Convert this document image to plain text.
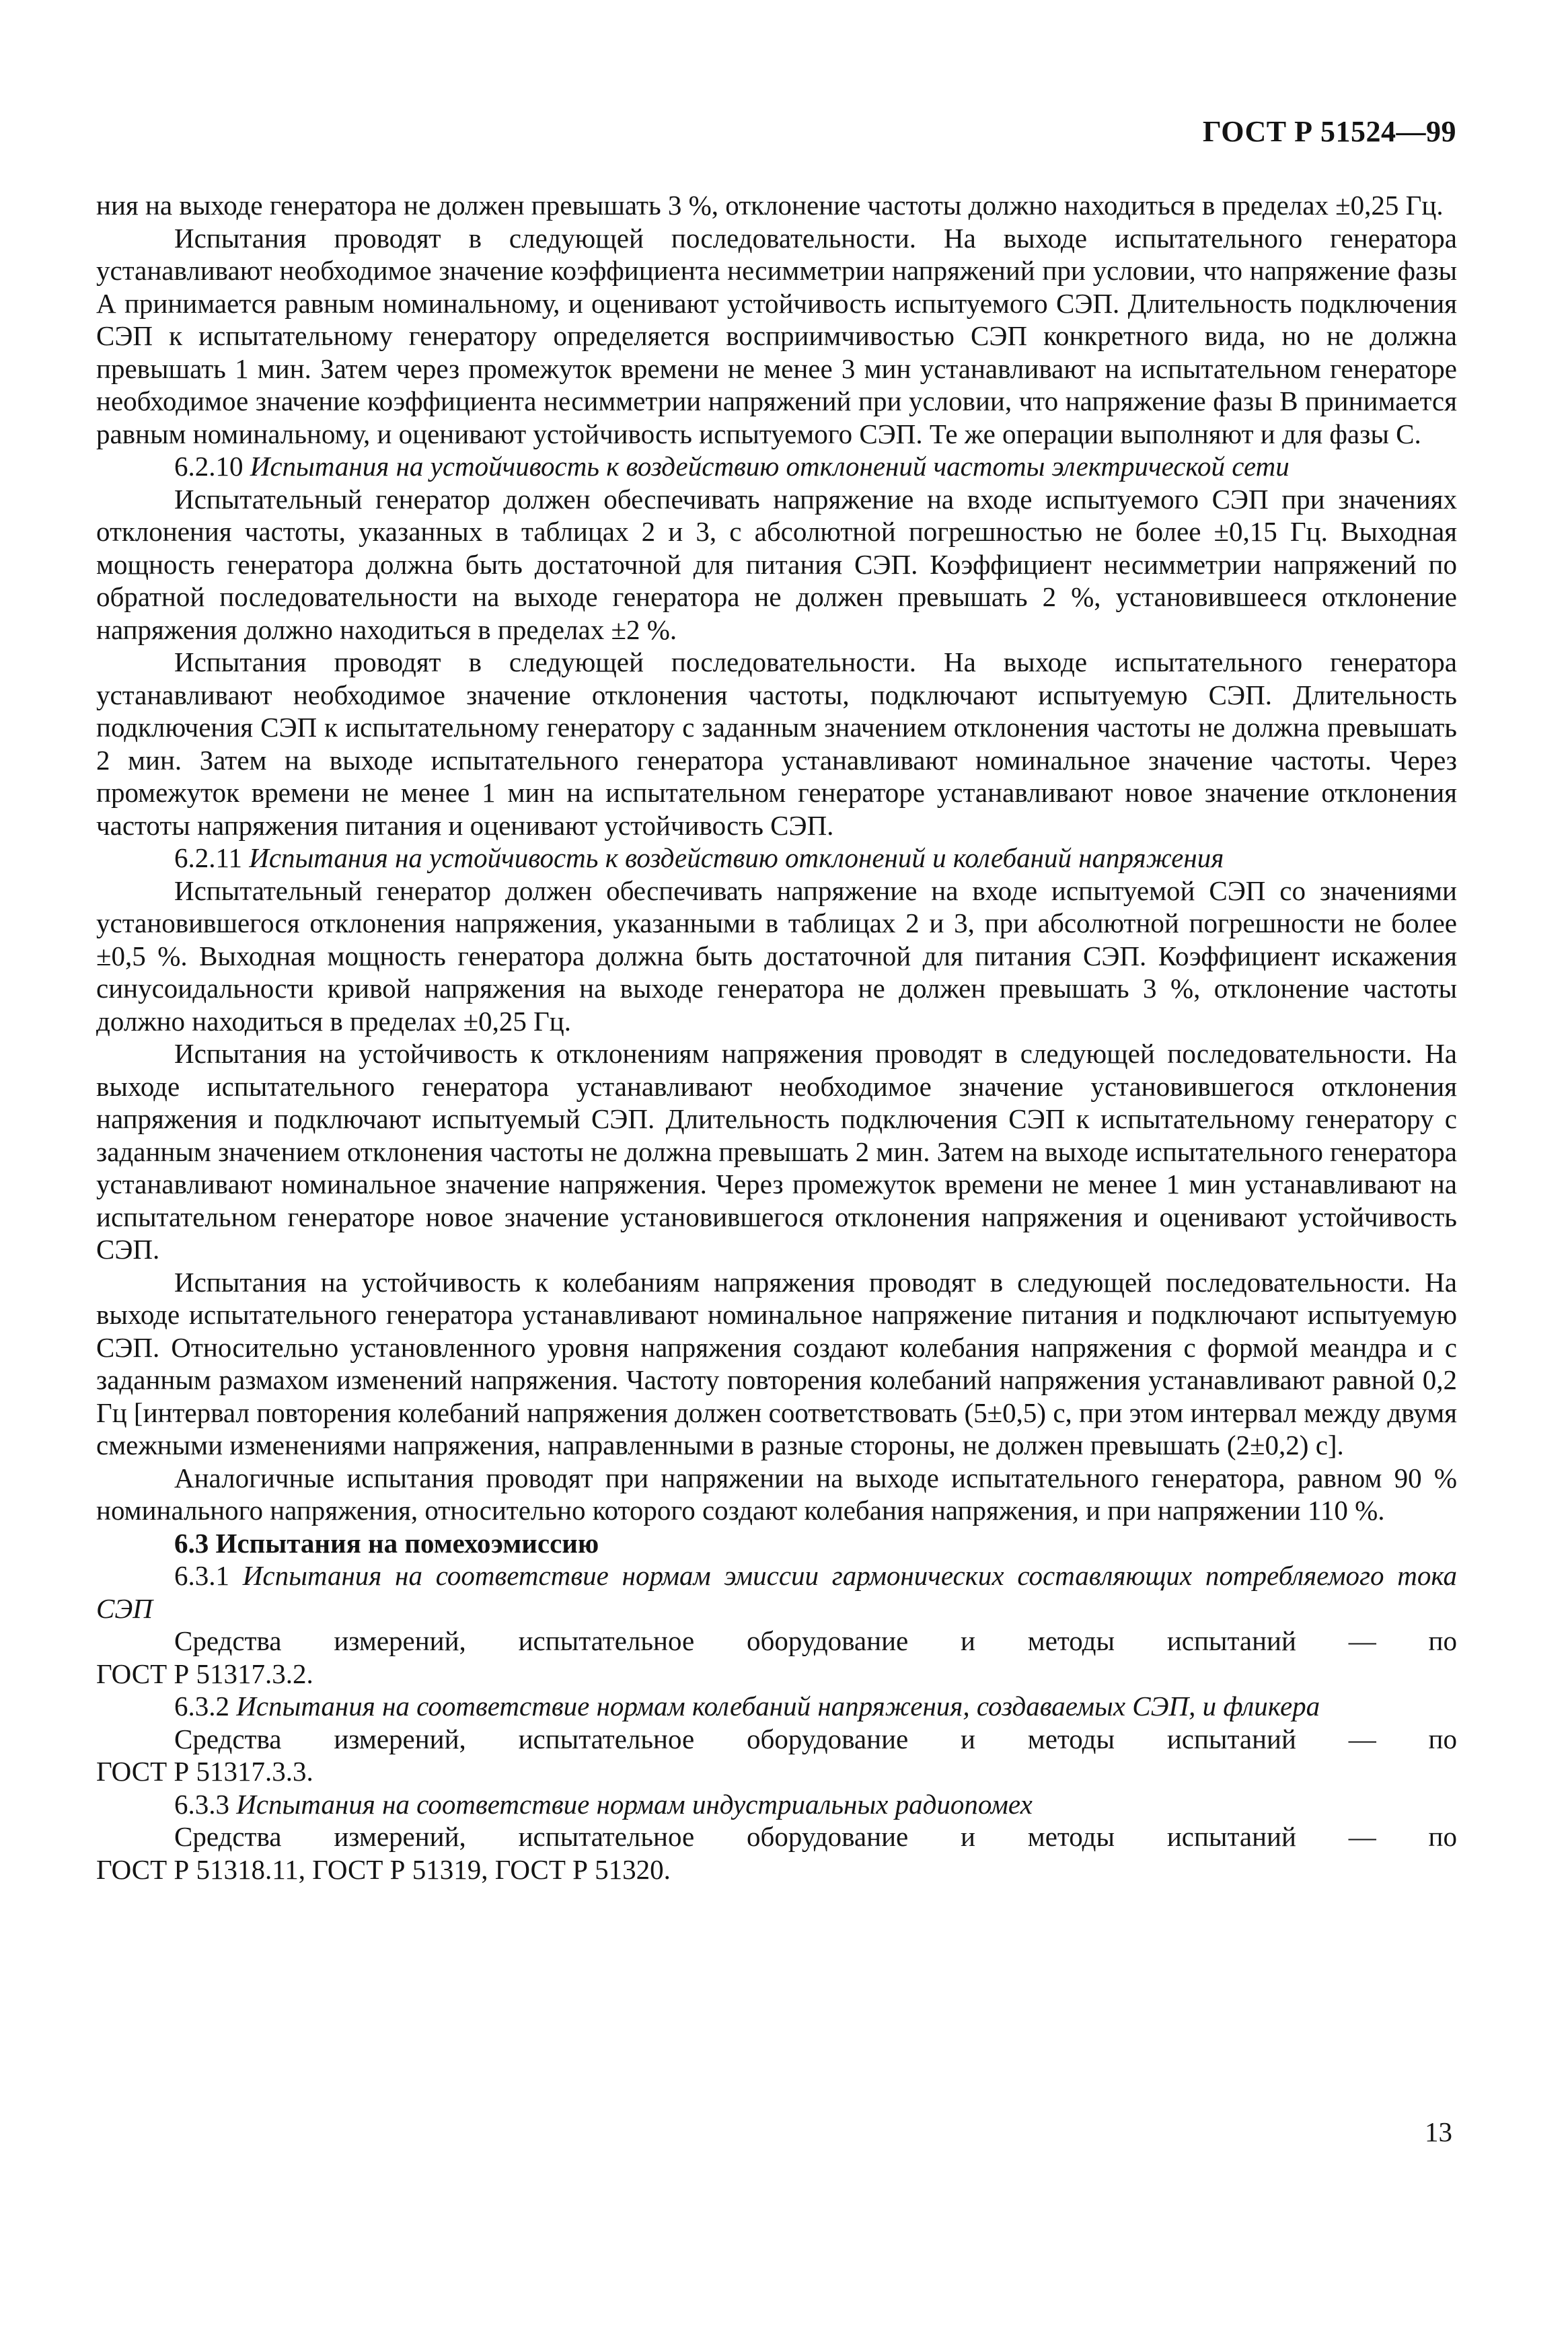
ГОСТ Р 51524—99

ния на выходе генератора не должен превышать 3 %, отклонение частоты должно находиться в пределах ±0,25 Гц.

Испытания проводят в следующей последовательности. На выходе испытательного генератора устанавливают необходимое значение коэффициента несимметрии напряжений при условии, что напряжение фазы А принимается равным номинальному, и оценивают устойчивость испытуемого СЭП. Длительность подключения СЭП к испытательному генератору определяется восприимчивостью СЭП конкретного вида, но не должна превышать 1 мин. Затем через промежуток времени не менее 3 мин устанавливают на испытательном генераторе необходимое значение коэффициента несимметрии напряжений при условии, что напряжение фазы В принимается равным номинальному, и оценивают устойчивость испытуемого СЭП. Те же операции выполняют и для фазы С.

6.2.10 Испытания на устойчивость к воздействию отклонений частоты электрической сети

Испытательный генератор должен обеспечивать напряжение на входе испытуемого СЭП при значениях отклонения частоты, указанных в таблицах 2 и 3, с абсолютной погрешностью не более ±0,15 Гц. Выходная мощность генератора должна быть достаточной для питания СЭП. Коэффициент несимметрии напряжений по обратной последовательности на выходе генератора не должен превышать 2 %, установившееся отклонение напряжения должно находиться в пределах ±2 %.

Испытания проводят в следующей последовательности. На выходе испытательного генератора устанавливают необходимое значение отклонения частоты, подключают испытуемую СЭП. Длительность подключения СЭП к испытательному генератору с заданным значением отклонения частоты не должна превышать 2 мин. Затем на выходе испытательного генератора устанавливают номинальное значение частоты. Через промежуток времени не менее 1 мин на испытательном генераторе устанавливают новое значение отклонения частоты напряжения питания и оценивают устойчивость СЭП.

6.2.11 Испытания на устойчивость к воздействию отклонений и колебаний напряжения

Испытательный генератор должен обеспечивать напряжение на входе испытуемой СЭП со значениями установившегося отклонения напряжения, указанными в таблицах 2 и 3, при абсолютной погрешности не более ±0,5 %. Выходная мощность генератора должна быть достаточной для питания СЭП. Коэффициент искажения синусоидальности кривой напряжения на выходе генератора не должен превышать 3 %, отклонение частоты должно находиться в пределах ±0,25 Гц.

Испытания на устойчивость к отклонениям напряжения проводят в следующей последовательности. На выходе испытательного генератора устанавливают необходимое значение установившегося отклонения напряжения и подключают испытуемый СЭП. Длительность подключения СЭП к испытательному генератору с заданным значением отклонения частоты не должна превышать 2 мин. Затем на выходе испытательного генератора устанавливают номинальное значение напряжения. Через промежуток времени не менее 1 мин устанавливают на испытательном генераторе новое значение установившегося отклонения напряжения и оценивают устойчивость СЭП.

Испытания на устойчивость к колебаниям напряжения проводят в следующей последовательности. На выходе испытательного генератора устанавливают номинальное напряжение питания и подключают испытуемую СЭП. Относительно установленного уровня напряжения создают колебания напряжения с формой меандра и с заданным размахом изменений напряжения. Частоту повторения колебаний напряжения устанавливают равной 0,2 Гц [интервал повторения колебаний напряжения должен соответствовать (5±0,5) с, при этом интервал между двумя смежными изменениями напряжения, направленными в разные стороны, не должен превышать (2±0,2) с].

Аналогичные испытания проводят при напряжении на выходе испытательного генератора, равном 90 % номинального напряжения, относительно которого создают колебания напряжения, и при напряжении 110 %.

6.3 Испытания на помехоэмиссию

6.3.1 Испытания на соответствие нормам эмиссии гармонических составляющих потребляемого тока СЭП

Средства измерений, испытательное оборудование и методы испытаний — по

ГОСТ Р 51317.3.2.

6.3.2 Испытания на соответствие нормам колебаний напряжения, создаваемых СЭП, и фликера

Средства измерений, испытательное оборудование и методы испытаний — по

ГОСТ Р 51317.3.3.

6.3.3 Испытания на соответствие нормам индустриальных радиопомех

Средства измерений, испытательное оборудование и методы испытаний — по

ГОСТ Р 51318.11, ГОСТ Р 51319, ГОСТ Р 51320.

13
